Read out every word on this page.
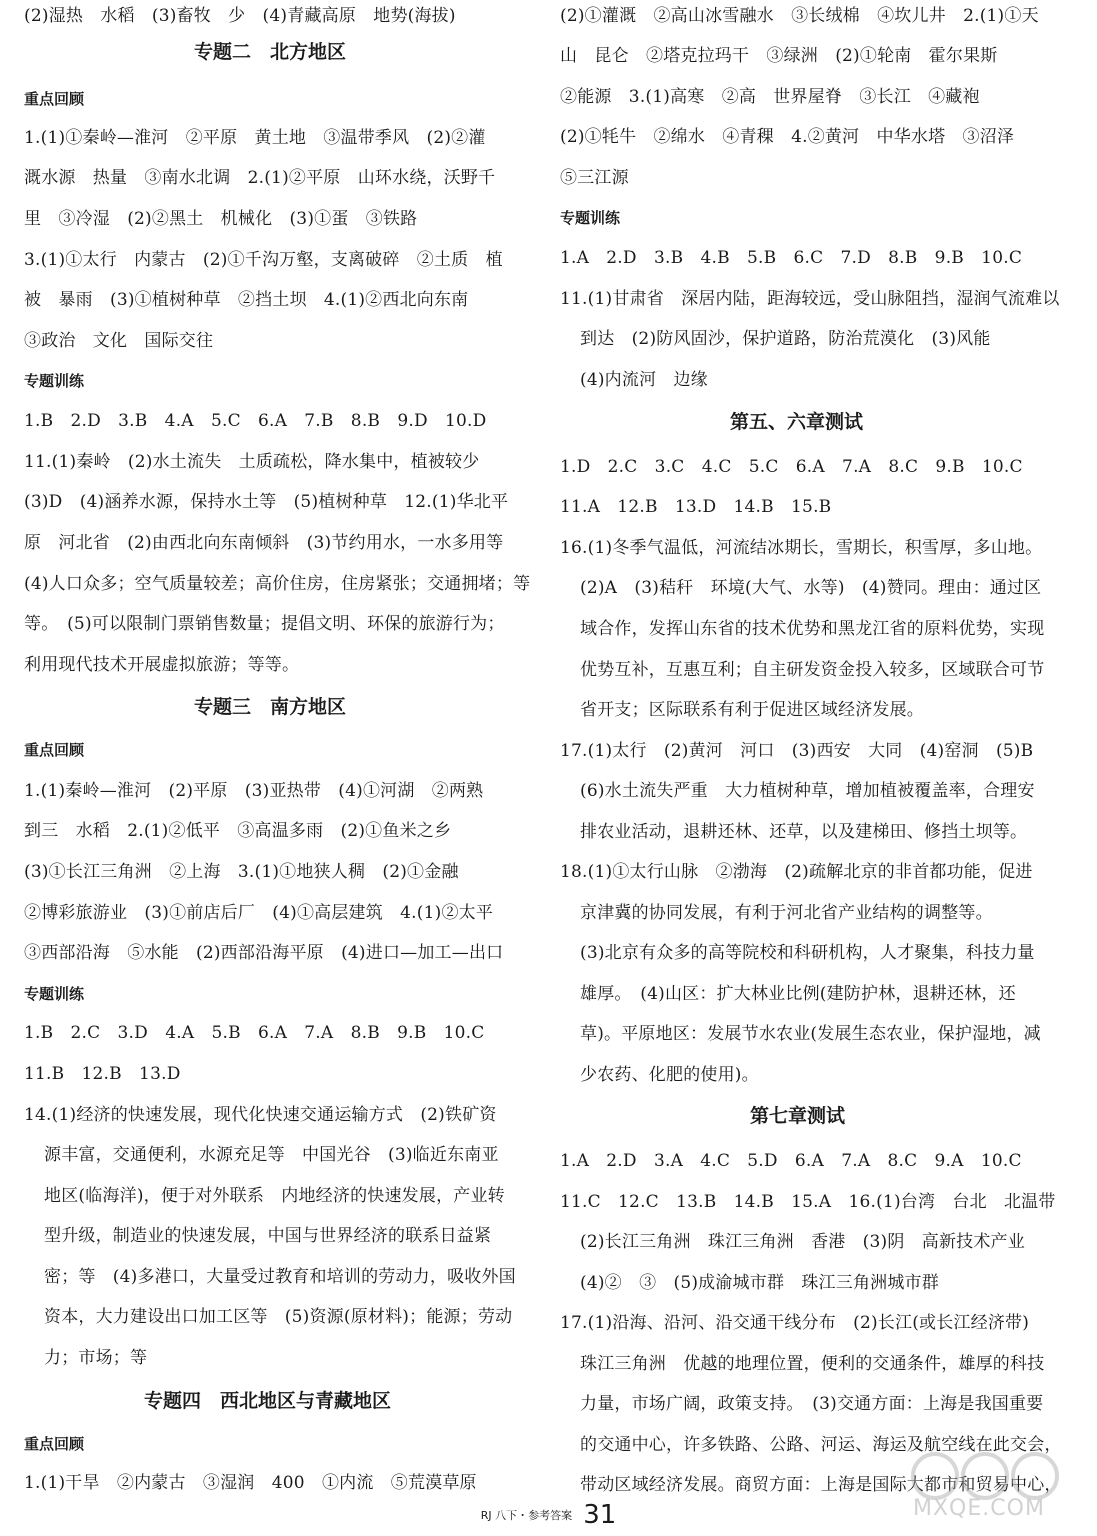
(2)湿热　水稻　(3)畜牧　少　(4)青藏高原　地势(海拔)
专题二　北方地区
重点回顾
1.(1)①秦岭—淮河　②平原　黄土地　③温带季风　(2)②灌
溉水源　热量　③南水北调　2.(1)②平原　山环水绕，沃野千
里　③冷湿　(2)②黑土　机械化　(3)①蛋　③铁路
3.(1)①太行　内蒙古　(2)①千沟万壑，支离破碎　②土质　植
被　暴雨　(3)①植树种草　②挡土坝　4.(1)②西北向东南
③政治　文化　国际交往
专题训练
1.B　2.D　3.B　4.A　5.C　6.A　7.B　8.B　9.D　10.D
11.(1)秦岭　(2)水土流失　土质疏松，降水集中，植被较少
(3)D　(4)涵养水源，保持水土等　(5)植树种草　12.(1)华北平
原　河北省　(2)由西北向东南倾斜　(3)节约用水，一水多用等
(4)人口众多；空气质量较差；高价住房，住房紧张；交通拥堵；等
等。　(5)可以限制门票销售数量；提倡文明、环保的旅游行为；
利用现代技术开展虚拟旅游；等等。
专题三　南方地区
重点回顾
1.(1)秦岭—淮河　(2)平原　(3)亚热带　(4)①河湖　②两熟
到三　水稻　2.(1)②低平　③高温多雨　(2)①鱼米之乡
(3)①长江三角洲　②上海　3.(1)①地狭人稠　(2)①金融
②博彩旅游业　(3)①前店后厂　(4)①高层建筑　4.(1)②太平
③西部沿海　⑤水能　(2)西部沿海平原　(4)进口—加工—出口
专题训练
1.B　2.C　3.D　4.A　5.B　6.A　7.A　8.B　9.B　10.C
11.B　12.B　13.D
14.(1)经济的快速发展，现代化快速交通运输方式　(2)铁矿资
源丰富，交通便利，水源充足等　中国光谷　(3)临近东南亚
地区(临海洋)，便于对外联系　内地经济的快速发展，产业转
型升级，制造业的快速发展，中国与世界经济的联系日益紧
密；等　(4)多港口，大量受过教育和培训的劳动力，吸收外国
资本，大力建设出口加工区等　(5)资源(原材料)；能源；劳动
力；市场；等
专题四　西北地区与青藏地区
重点回顾
1.(1)干旱　②内蒙古　③湿润　400　①内流　⑤荒漠草原
(2)①灌溉　②高山冰雪融水　③长绒棉　④坎儿井　2.(1)①天
山　昆仑　②塔克拉玛干　③绿洲　(2)①轮南　霍尔果斯
②能源　3.(1)高寒　②高　世界屋脊　③长江　④藏袍
(2)①牦牛　②绵水　④青稞　4.②黄河　中华水塔　③沼泽
⑤三江源
专题训练
1.A　2.D　3.B　4.B　5.B　6.C　7.D　8.B　9.B　10.C
11.(1)甘肃省　深居内陆，距海较远，受山脉阻挡，湿润气流难以
到达　(2)防风固沙，保护道路，防治荒漠化　(3)风能
(4)内流河　边缘
第五、六章测试
1.D　2.C　3.C　4.C　5.C　6.A　7.A　8.C　9.B　10.C
11.A　12.B　13.D　14.B　15.B
16.(1)冬季气温低，河流结冰期长，雪期长，积雪厚，多山地。
(2)A　(3)秸秆　环境(大气、水等)　(4)赞同。理由：通过区
域合作，发挥山东省的技术优势和黑龙江省的原料优势，实现
优势互补，互惠互利；自主研发资金投入较多，区域联合可节
省开支；区际联系有利于促进区域经济发展。
17.(1)太行　(2)黄河　河口　(3)西安　大同　(4)窑洞　(5)B
(6)水土流失严重　大力植树种草，增加植被覆盖率，合理安
排农业活动，退耕还林、还草，以及建梯田、修挡土坝等。
18.(1)①太行山脉　②渤海　(2)疏解北京的非首都功能，促进
京津冀的协同发展，有利于河北省产业结构的调整等。
(3)北京有众多的高等院校和科研机构，人才聚集，科技力量
雄厚。　(4)山区：扩大林业比例(建防护林，退耕还林，还
草)。平原地区：发展节水农业(发展生态农业，保护湿地，减
少农药、化肥的使用)。
第七章测试
1.A　2.D　3.A　4.C　5.D　6.A　7.A　8.C　9.A　10.C
11.C　12.C　13.B　14.B　15.A　16.(1)台湾　台北　北温带
(2)长江三角洲　珠江三角洲　香港　(3)阴　高新技术产业
(4)②　③　(5)成渝城市群　珠江三角洲城市群
17.(1)沿海、沿河、沿交通干线分布　(2)长江(或长江经济带)
珠江三角洲　优越的地理位置，便利的交通条件，雄厚的科技
力量，市场广阔，政策支持。　(3)交通方面：上海是我国重要
的交通中心，许多铁路、公路、河运、海运及航空线在此交会，
带动区域经济发展。商贸方面：上海是国际大都市和贸易中心，
RJ 八下・参考答案 31	MXQE.COM
